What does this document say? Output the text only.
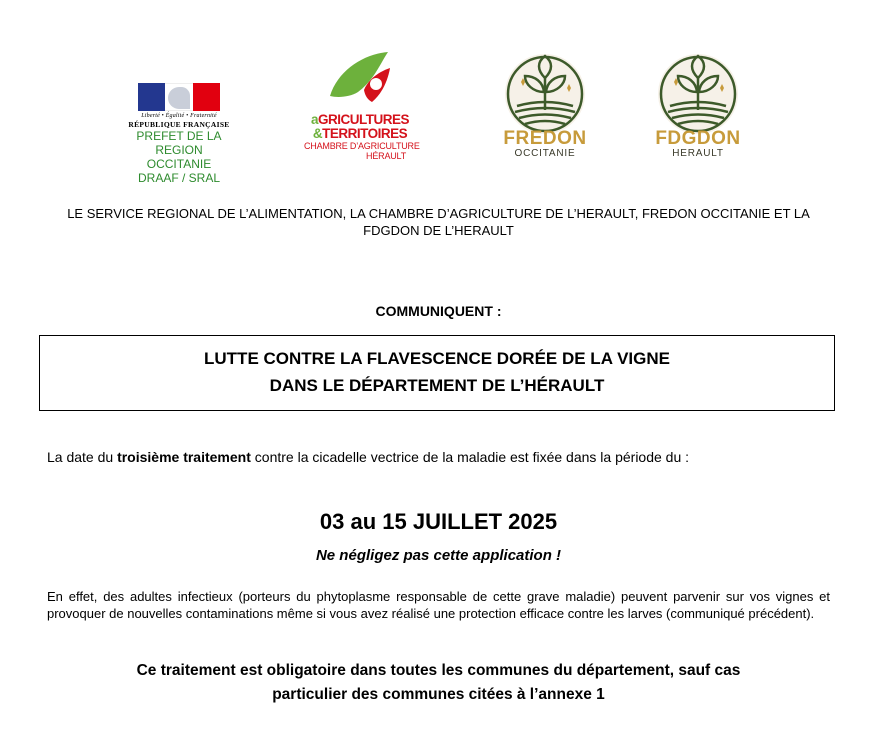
Liberté • Égalité • Fraternité
RÉPUBLIQUE FRANÇAISE
PREFET DE LA REGION
OCCITANIE
DRAAF / SRAL
aGRICULTURES
&TERRITOIRES
CHAMBRE D’AGRICULTURE
HÉRAULT
FREDON
OCCITANIE
FDGDON
HERAULT
LE SERVICE REGIONAL DE L’ALIMENTATION, LA CHAMBRE D’AGRICULTURE DE L’HERAULT, FREDON OCCITANIE ET LA FDGDON DE L’HERAULT
COMMUNIQUENT :
LUTTE CONTRE LA FLAVESCENCE DORÉE DE LA VIGNE
DANS LE DÉPARTEMENT DE L’HÉRAULT
La date du troisième traitement contre la cicadelle vectrice de la maladie est fixée dans la période du :
03 au 15 JUILLET 2025
Ne négligez pas cette application !
En effet, des adultes infectieux (porteurs du phytoplasme responsable de cette grave maladie) peuvent parvenir sur vos vignes et provoquer de nouvelles contaminations même si vous avez réalisé une protection efficace contre les larves (communiqué précédent).
Ce traitement est obligatoire dans toutes les communes du département, sauf cas
particulier des communes citées à l’annexe 1
